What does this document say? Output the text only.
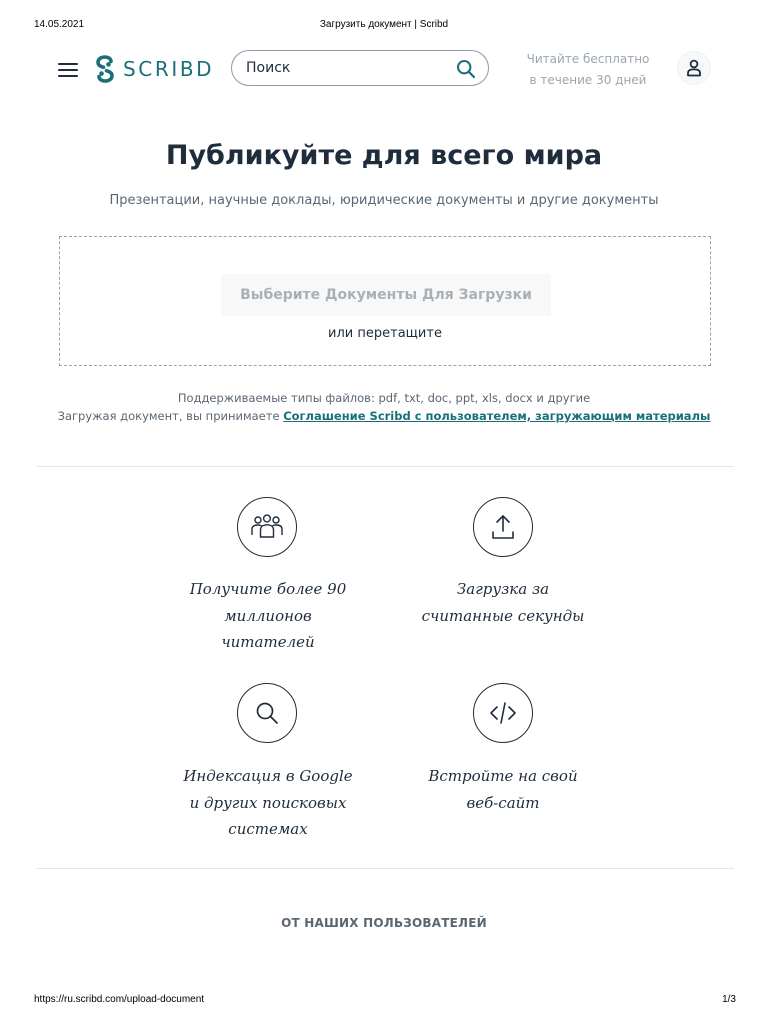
14.05.2021	Загрузить документ | Scribd
https://ru.scribd.com/upload-document	1/3
SCRIBD
Поиск	Читайте бесплатно
в течение 30 дней
Публикуйте для всего мира
Презентации, научные доклады, юридические документы и другие документы
Выберите Документы Для Загрузки
или перетащите
Поддерживаемые типы файлов: pdf, txt, doc, ppt, xls, docx и другие
Загружая документ, вы принимаете Соглашение Scribd с пользователем, загружающим материалы
Получите более 90
миллионов
читателей
Загрузка за
считанные секунды
Индексация в Google
и других поисковых
системах
Встройте на свой
веб-сайт
ОТ НАШИХ ПОЛЬЗОВАТЕЛЕЙ
